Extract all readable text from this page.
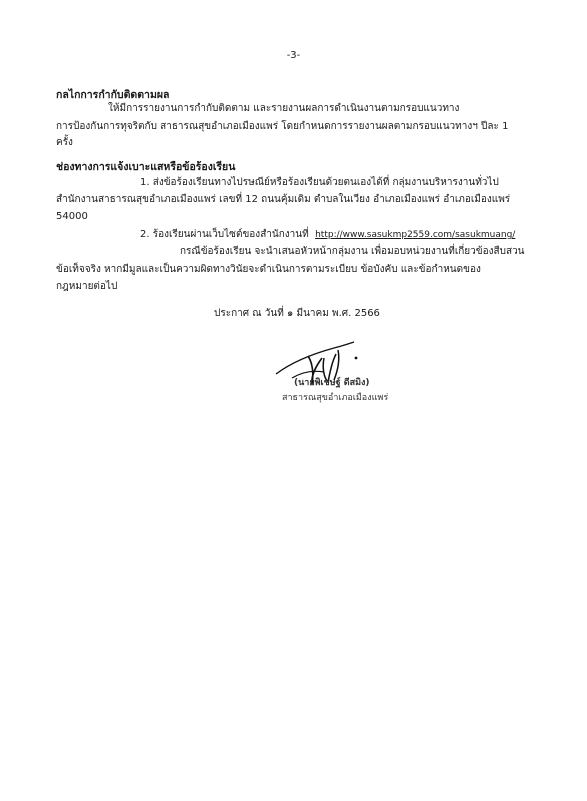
-3-
กลไกการกำกับติดตามผล
ให้มีการรายงานการกำกับติดตาม และรายงานผลการดำเนินงานตามกรอบแนวทาง
การป้องกันการทุจริตกับ สาธารณสุขอำเภอเมืองแพร่ โดยกำหนดการรายงานผลตามกรอบแนวทางฯ ปีละ 1
ครั้ง
ช่องทางการแจ้งเบาะแสหรือข้อร้องเรียน
1. ส่งข้อร้องเรียนทางไปรษณีย์หรือร้องเรียนด้วยตนเองได้ที่ กลุ่มงานบริหารงานทั่วไป
สำนักงานสาธารณสุขอำเภอเมืองแพร่ เลขที่ 12 ถนนคุ้มเดิม ตำบลในเวียง อำเภอเมืองแพร่ อำเภอเมืองแพร่
54000
2. ร้องเรียนผ่านเว็บไซต์ของสำนักงานที่ http://www.sasukmp2559.com/sasukmuang/
กรณีข้อร้องเรียน จะนำเสนอหัวหน้ากลุ่มงาน เพื่อมอบหน่วยงานที่เกี่ยวข้องสืบสวน
ข้อเท็จจริง หากมีมูลและเป็นความผิดทางวินัยจะดำเนินการตามระเบียบ ข้อบังคับ และข้อกำหนดของ
กฎหมายต่อไป
ประกาศ ณ วันที่ ๑ มีนาคม พ.ศ. 2566
(นายพิเชษฐ์ ดีสมิง)
สาธารณสุขอำเภอเมืองแพร่
